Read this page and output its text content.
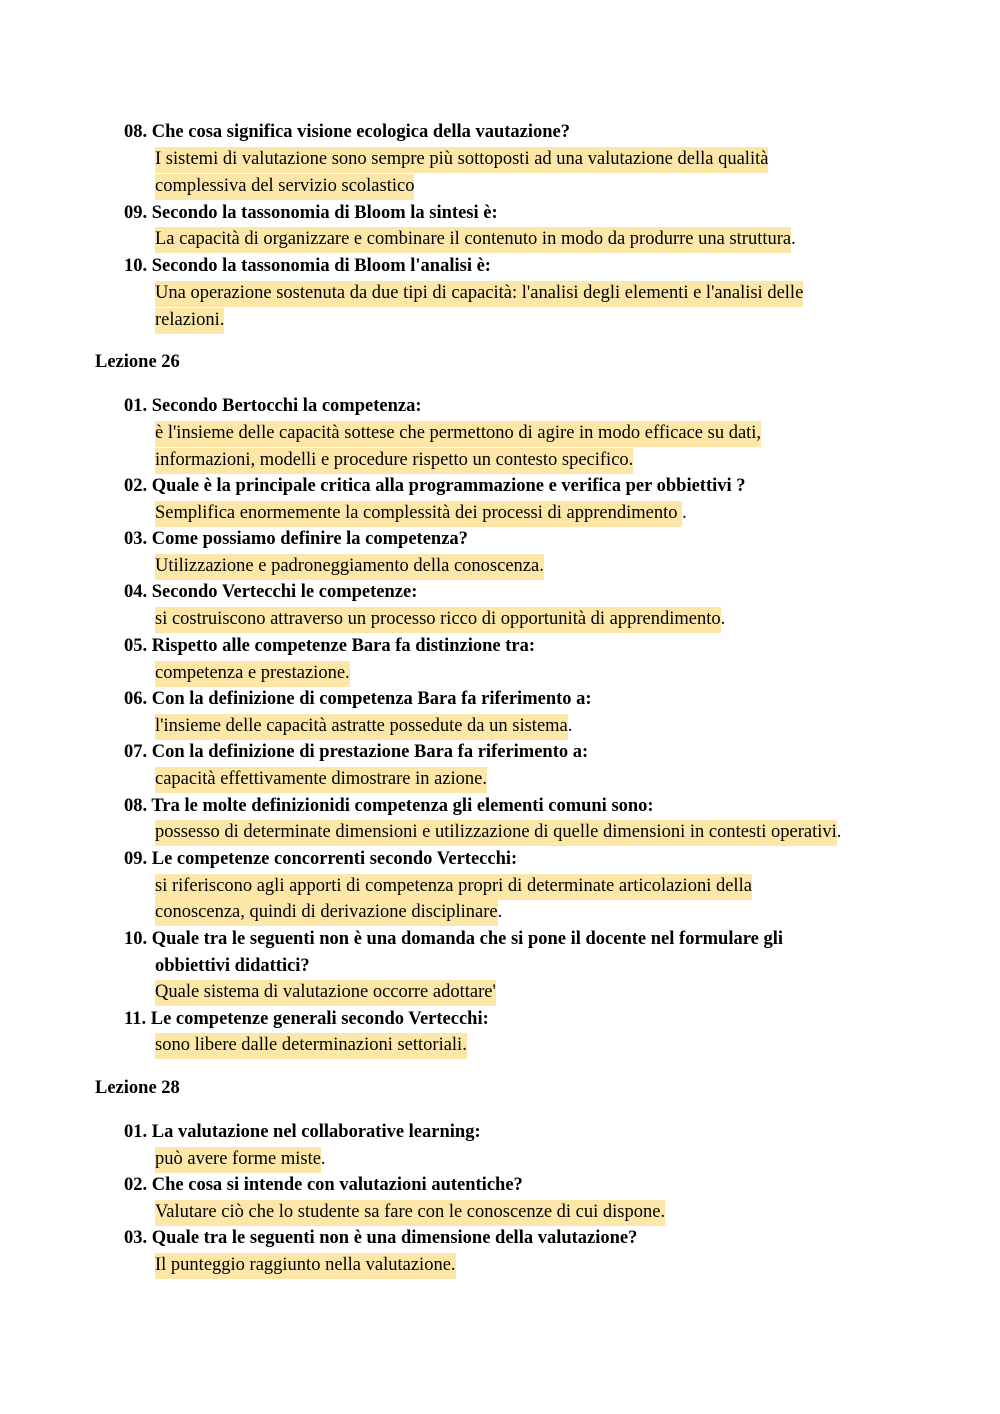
08. Che cosa significa visione ecologica della vautazione?
I sistemi di valutazione sono sempre più sottoposti ad una valutazione della qualità
complessiva del servizio scolastico
09. Secondo la tassonomia di Bloom la sintesi è:
La capacità di organizzare e combinare il contenuto in modo da produrre una struttura.
10. Secondo la tassonomia di Bloom l'analisi è:
Una operazione sostenuta da due tipi di capacità: l'analisi degli elementi e l'analisi delle
relazioni.
Lezione 26
01. Secondo Bertocchi la competenza:
è l'insieme delle capacità sottese che permettono di agire in modo efficace su dati,
informazioni, modelli e procedure rispetto un contesto specifico.
02. Quale è la principale critica alla programmazione e verifica per obbiettivi ?
Semplifica enormemente la complessità dei processi di apprendimento .
03. Come possiamo definire la competenza?
Utilizzazione e padroneggiamento della conoscenza.
04. Secondo Vertecchi le competenze:
si costruiscono attraverso un processo ricco di opportunità di apprendimento.
05. Rispetto alle competenze Bara fa distinzione tra:
competenza e prestazione.
06. Con la definizione di competenza Bara fa riferimento a:
l'insieme delle capacità astratte possedute da un sistema.
07. Con la definizione di prestazione Bara fa riferimento a:
capacità effettivamente dimostrare in azione.
08. Tra le molte definizionidi competenza gli elementi comuni sono:
possesso di determinate dimensioni e utilizzazione di quelle dimensioni in contesti operativi.
09. Le competenze concorrenti secondo Vertecchi:
si riferiscono agli apporti di competenza propri di determinate articolazioni della
conoscenza, quindi di derivazione disciplinare.
10. Quale tra le seguenti non è una domanda che si pone il docente nel formulare gli
obbiettivi didattici?
Quale sistema di valutazione occorre adottare'
11. Le competenze generali secondo Vertecchi:
sono libere dalle determinazioni settoriali.
Lezione 28
01. La valutazione nel collaborative learning:
può avere forme miste.
02. Che cosa si intende con valutazioni autentiche?
Valutare ciò che lo studente sa fare con le conoscenze di cui dispone.
03. Quale tra le seguenti non è una dimensione della valutazione?
Il punteggio raggiunto nella valutazione.
